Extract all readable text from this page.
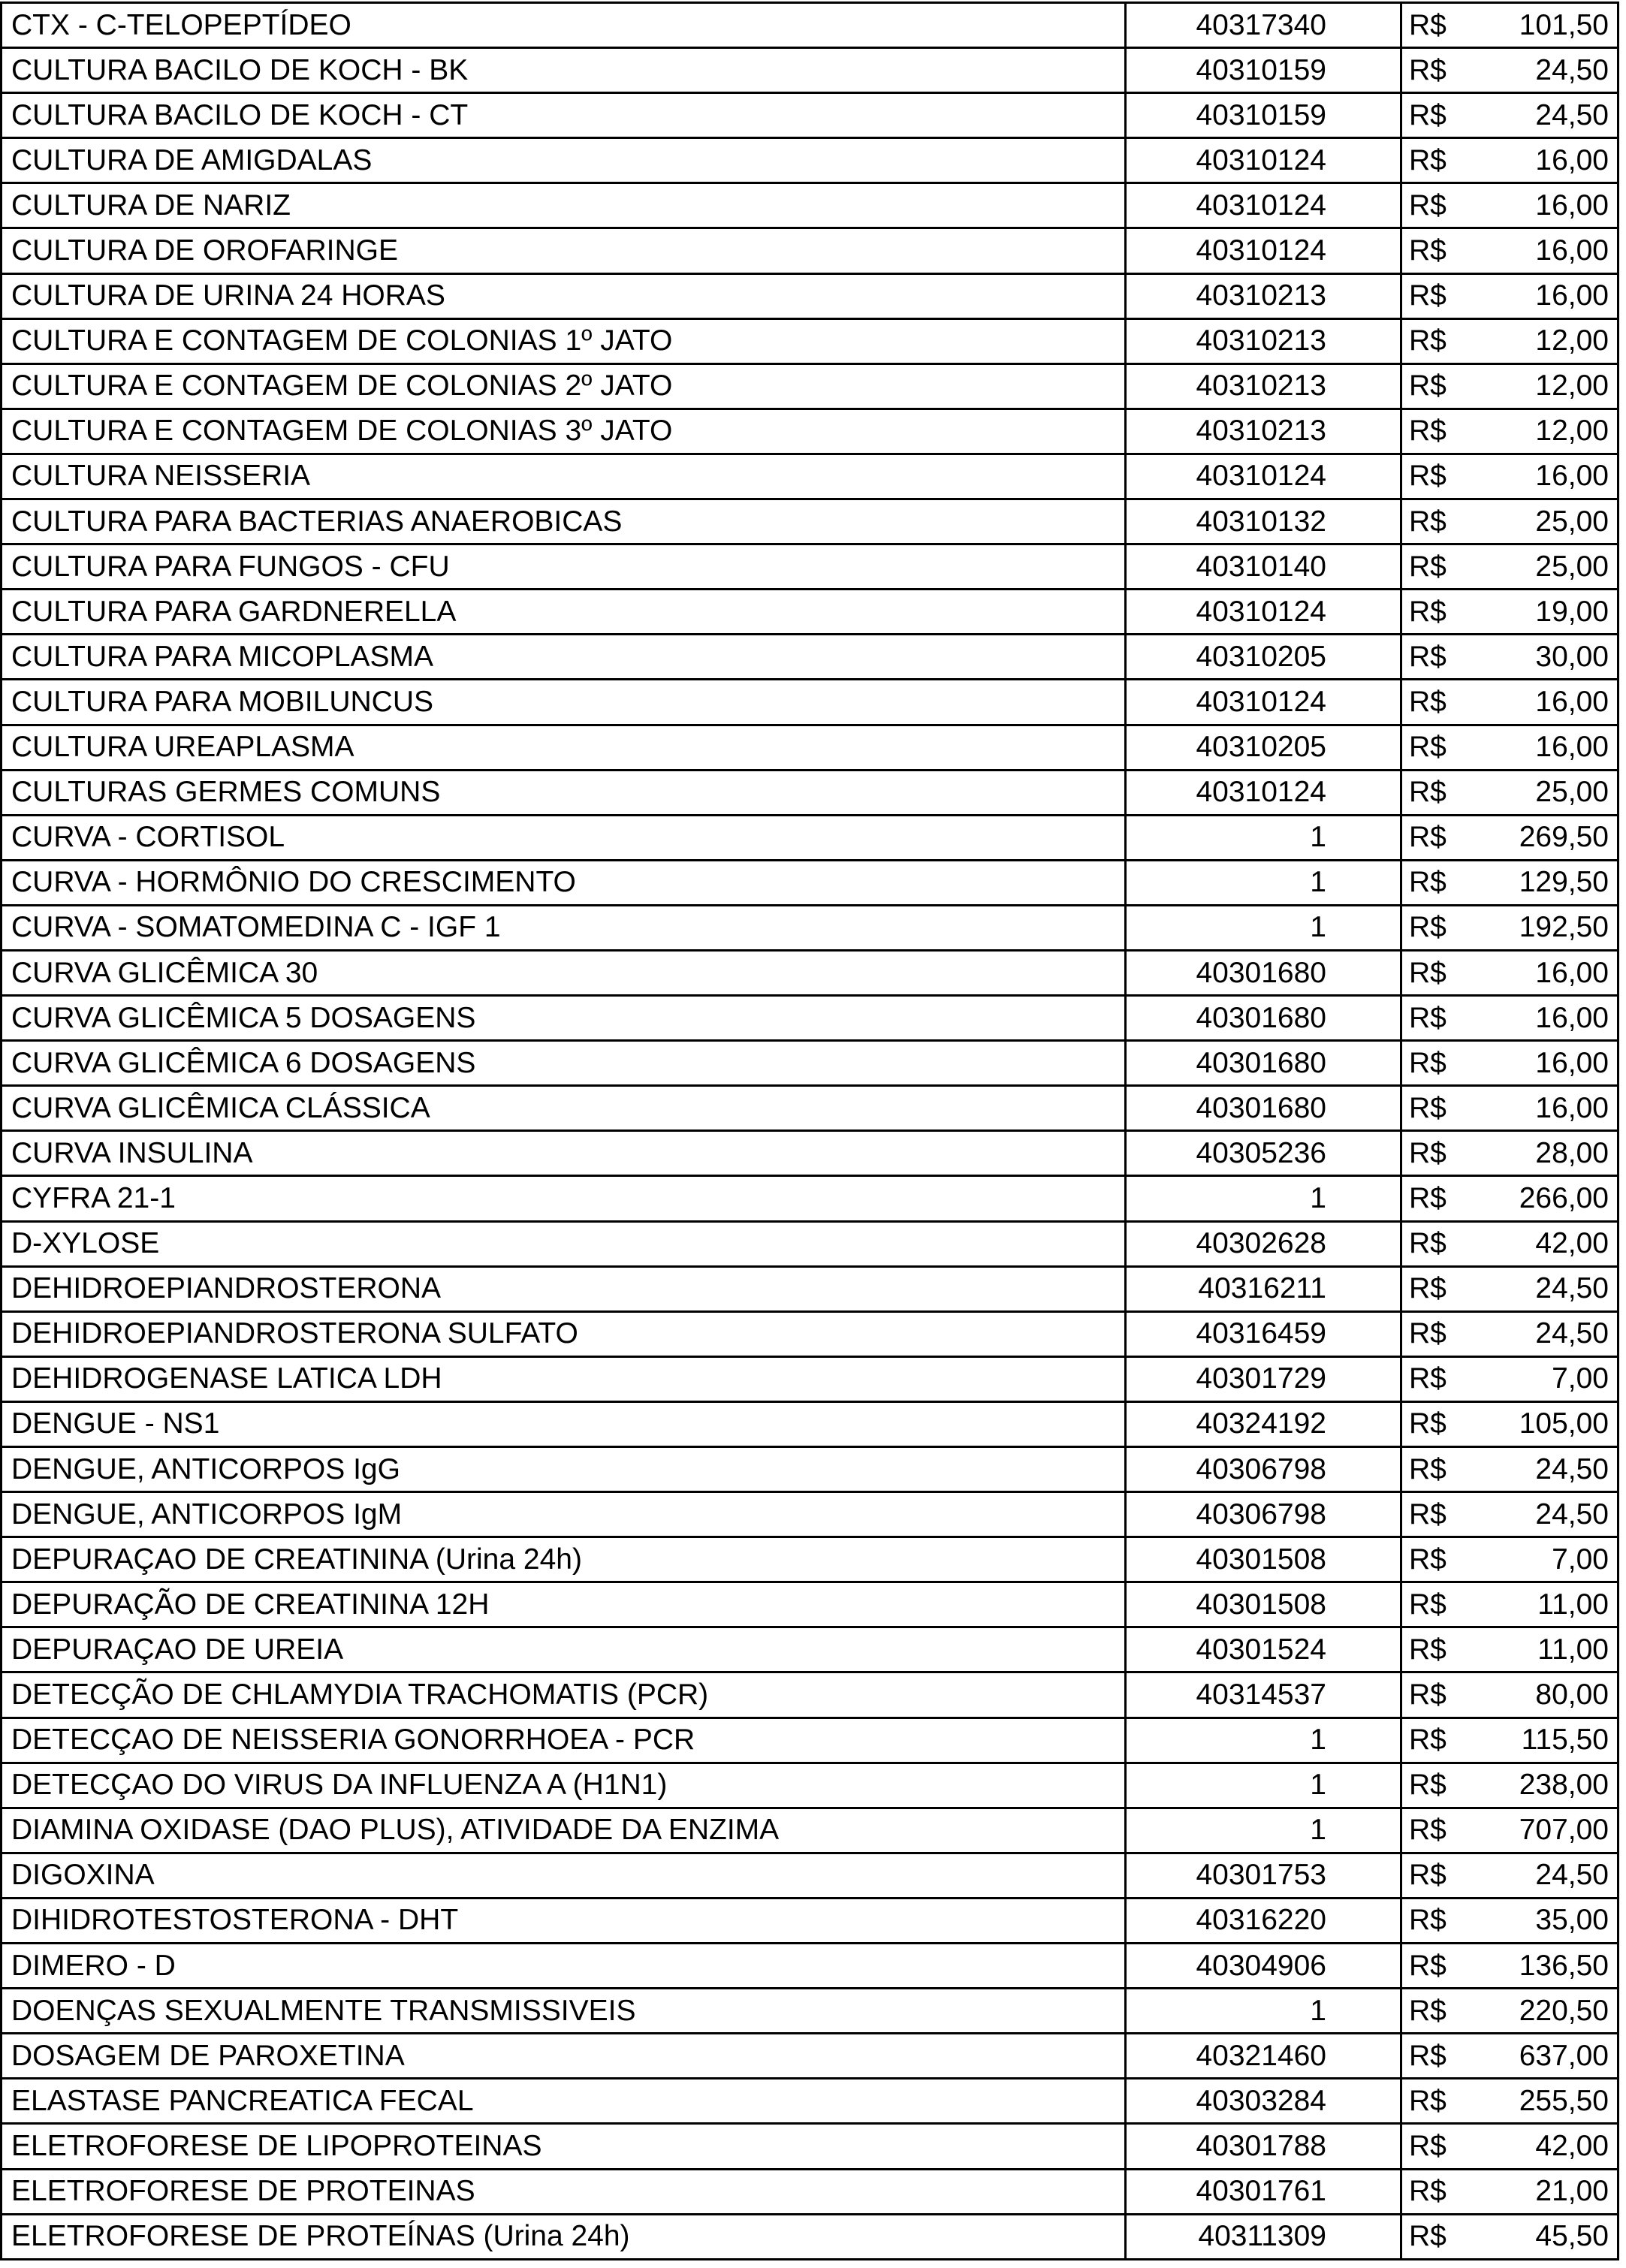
CTX - C-TELOPEPTÍDEO	40317340	R$ 101,50
CULTURA BACILO DE KOCH - BK	40310159	R$	24,50
CULTURA BACILO DE KOCH - CT	40310159	R$	24,50
CULTURA DE AMIGDALAS	40310124	R$	16,00
CULTURA DE NARIZ	40310124	R$	16,00
CULTURA DE OROFARINGE	40310124	R$	16,00
CULTURA DE URINA 24 HORAS	40310213	R$	16,00
CULTURA E CONTAGEM DE COLONIAS 1º JATO	40310213	R$	12,00
CULTURA E CONTAGEM DE COLONIAS 2º JATO	40310213	R$	12,00
CULTURA E CONTAGEM DE COLONIAS 3º JATO	40310213	R$	12,00
CULTURA NEISSERIA	40310124	R$	16,00
CULTURA PARA BACTERIAS ANAEROBICAS	40310132	R$	25,00
CULTURA PARA FUNGOS - CFU	40310140	R$	25,00
CULTURA PARA GARDNERELLA	40310124	R$	19,00
CULTURA PARA MICOPLASMA	40310205	R$	30,00
CULTURA PARA MOBILUNCUS	40310124	R$	16,00
CULTURA UREAPLASMA	40310205	R$	16,00
CULTURAS GERMES COMUNS	40310124	R$	25,00
CURVA - CORTISOL	1	R$ 269,50
CURVA - HORMÔNIO DO CRESCIMENTO	1	R$ 129,50
CURVA - SOMATOMEDINA C - IGF 1	1	R$ 192,50
CURVA GLICÊMICA 30	40301680	R$	16,00
CURVA GLICÊMICA 5 DOSAGENS	40301680	R$	16,00
CURVA GLICÊMICA 6 DOSAGENS	40301680	R$	16,00
CURVA GLICÊMICA CLÁSSICA	40301680	R$	16,00
CURVA INSULINA	40305236	R$	28,00
CYFRA 21-1	1	R$ 266,00
D-XYLOSE	40302628	R$	42,00
DEHIDROEPIANDROSTERONA	40316211	R$	24,50
DEHIDROEPIANDROSTERONA SULFATO	40316459	R$	24,50
DEHIDROGENASE LATICA LDH	40301729	R$	7,00
DENGUE - NS1	40324192	R$ 105,00
DENGUE, ANTICORPOS IgG	40306798	R$	24,50
DENGUE, ANTICORPOS IgM	40306798	R$	24,50
DEPURAÇAO DE CREATININA (Urina 24h)	40301508	R$	7,00
DEPURAÇÃO DE CREATININA 12H	40301508	R$	11,00
DEPURAÇAO DE UREIA	40301524	R$	11,00
DETECÇÃO DE CHLAMYDIA TRACHOMATIS (PCR)	40314537	R$	80,00
DETECÇAO DE NEISSERIA GONORRHOEA - PCR	1	R$	115,50
DETECÇAO DO VIRUS DA INFLUENZA A (H1N1)	1	R$ 238,00
DIAMINA OXIDASE (DAO PLUS), ATIVIDADE DA ENZIMA	1	R$ 707,00
DIGOXINA	40301753	R$	24,50
DIHIDROTESTOSTERONA - DHT	40316220	R$	35,00
DIMERO - D	40304906	R$ 136,50
DOENÇAS SEXUALMENTE TRANSMISSIVEIS	1	R$ 220,50
DOSAGEM DE PAROXETINA	40321460	R$ 637,00
ELASTASE PANCREATICA FECAL	40303284	R$ 255,50
ELETROFORESE DE LIPOPROTEINAS	40301788	R$	42,00
ELETROFORESE DE PROTEINAS	40301761	R$	21,00
ELETROFORESE DE PROTEÍNAS (Urina 24h)	40311309	R$	45,50
